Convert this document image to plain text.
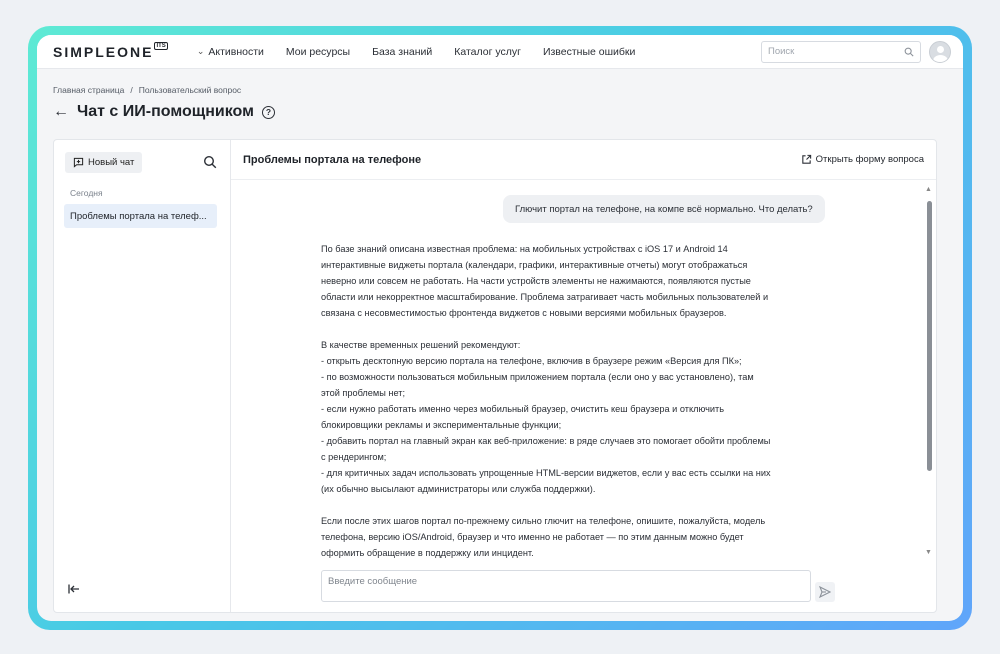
SIMPLEONE ITS
⌄ Активности Мои ресурсы База знаний Каталог услуг Известные ошибки
Поиск
Главная страница / Пользовательский вопрос
← Чат с ИИ-помощником	?
Новый чат
Сегодня
Проблемы портала на телеф...
Проблемы портала на телефоне	Открыть форму вопроса
Глючит портал на телефоне, на компе всё нормально. Что делать?

По базе знаний описана известная проблема: на мобильных устройствах с iOS 17 и Android 14

интерактивные виджеты портала (календари, графики, интерактивные отчеты) могут отображаться

неверно или совсем не работать. На части устройств элементы не нажимаются, появляются пустые

области или некорректное масштабирование. Проблема затрагивает часть мобильных пользователей и

связана с несовместимостью фронтенда виджетов с новыми версиями мобильных браузеров.

В качестве временных решений рекомендуют:

- открыть десктопную версию портала на телефоне, включив в браузере режим «Версия для ПК»;

- по возможности пользоваться мобильным приложением портала (если оно у вас установлено), там

этой проблемы нет;

- если нужно работать именно через мобильный браузер, очистить кеш браузера и отключить

блокировщики рекламы и экспериментальные функции;

- добавить портал на главный экран как веб-приложение: в ряде случаев это помогает обойти проблемы

с рендерингом;

- для критичных задач использовать упрощенные HTML-версии виджетов, если у вас есть ссылки на них

(их обычно высылают администраторы или служба поддержки).

Если после этих шагов портал по-прежнему сильно глючит на телефоне, опишите, пожалуйста, модель

телефона, версию iOS/Android, браузер и что именно не работает — по этим данным можно будет

оформить обращение в поддержку или инцидент.

▲
▼
Введите сообщение
